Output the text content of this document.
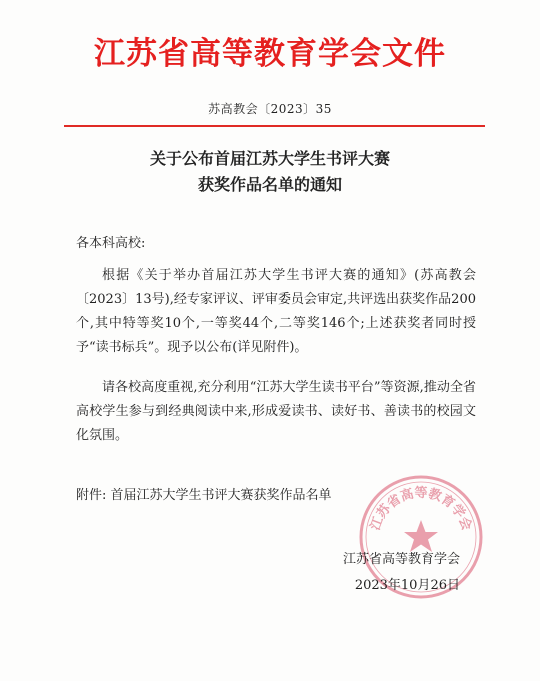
江苏省高等教育学会文件
苏高教会〔2023〕35
关于公布首届江苏大学生书评大赛
获奖作品名单的通知
各本科高校:
根据《关于举办首届江苏大学生书评大赛的通知》(苏高教会〔2023〕13号),经专家评议、评审委员会审定,共评选出获奖作品200个,其中特等奖10个,一等奖44个,二等奖146个;上述获奖者同时授予“读书标兵”。现予以公布(详见附件)。
请各校高度重视,充分利用“江苏大学生读书平台”等资源,推动全省高校学生参与到经典阅读中来,形成爱读书、读好书、善读书的校园文化氛围。
附件: 首届江苏大学生书评大赛获奖作品名单
江苏省高等教育学会
江苏省高等教育学会
2023年10月26日
